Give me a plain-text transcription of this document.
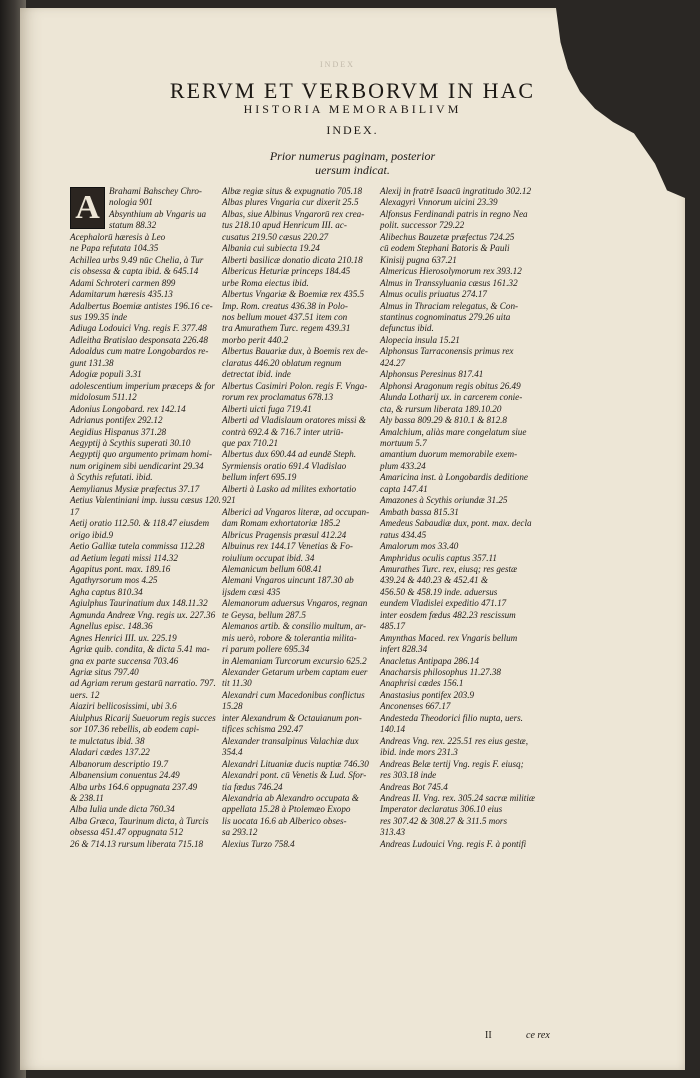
INDEX
RERVM ET VERBORVM IN HAC
HISTORIA MEMORABILIVM
INDEX.
Prior numerus paginam, posterior
uersum indicat.
A	Brahami Bahschey Chro-

nologia 901

Absynthium ab Vngaris ua

statum 88.32

Acephalorū hæresis à Leo

ne Papa refutata 104.35

Achillea urbs 9.49 nūc Chelia, à Tur

cis obsessa & capta ibid. & 645.14

Adami Schroteri carmen 899

Adamitarum hæresis 435.13

Adalbertus Boemiæ antistes 196.16 ce-

sus 199.35 inde

Adiuga Lodouici Vng. regis F. 377.48

Adleitha Bratislao desponsata 226.48

Adoaldus cum matre Longobardos re-

gunt 131.38

Adogiæ populi 3.31

adolescentium imperium præceps & for

midolosum 511.12

Adonius Longobard. rex 142.14

Adrianus pontifex 292.12

Aegidius Hispanus 371.28

Aegyptij à Scythis superati 30.10

Aegyptij quo argumento primam homi-

num originem sibi uendicarint 29.34

à Scythis refutati. ibid.

Aemylianus Mysiæ præfectus 37.17

Aetius Valentiniani imp. iussu cæsus 120.

17

Aetij oratio 112.50. & 118.47 eiusdem

origo ibid.9

Aetio Galliæ tutela commissa 112.28

ad Aetium legati missi 114.32

Agapitus pont. max. 189.16

Agathyrsorum mos 4.25

Agha captus 810.34

Agiulphus Taurinatium dux 148.11.32

Agmunda Andreæ Vng. regis ux. 227.36

Agnellus episc. 148.36

Agnes Henrici III. ux. 225.19

Agriæ quib. condita, & dicta 5.41 ma-

gna ex parte succensa 703.46

Agriæ situs 797.40

ad Agriam rerum gestarū narratio. 797.

uers. 12

Aiaziri bellicosissimi, ubi 3.6

Aiulphus Ricarij Sueuorum regis succes

sor 107.36 rebellis, ab eodem capi-

te mulctatus ibid. 38

Aladari cædes 137.22

Albanorum descriptio 19.7

Albanensium conuentus 24.49

Alba urbs 164.6 oppugnata 237.49

& 238.11

Alba Iulia unde dicta 760.34

Alba Græca, Taurinum dicta, à Turcis

obsessa 451.47 oppugnata 512

26 & 714.13 rursum liberata 715.18

Albæ regiæ situs & expugnatio 705.18

Albas plures Vngaria cur dixerit 25.5

Albas, siue Albinus Vngarorū rex crea-

tus 218.10 apud Henricum III. ac-

cusatus 219.50 cæsus 220.27

Albania cui subiecta 19.24

Alberti basilicæ donatio dicata 210.18

Albericus Heturiæ princeps 184.45

urbe Roma eiectus ibid.

Albertus Vngariæ & Boemiæ rex 435.5

Imp. Rom. creatus 436.38 in Polo-

nos bellum mouet 437.51 item con

tra Amurathem Turc. regem 439.31

morbo perit 440.2

Albertus Bauariæ dux, à Boemis rex de-

claratus 446.20 oblatum regnum

detrectat ibid. inde

Albertus Casimiri Polon. regis F. Vnga-

rorum rex proclamatus 678.13

Alberti uicti fuga 719.41

Alberti ad Vladislaum oratores missi &

contrà 692.4 & 716.7 inter utriū-

que pax 710.21

Albertus dux 690.44 ad eundē Steph.

Syrmiensis oratio 691.4 Vladislao

bellum infert 695.19

Alberti à Lasko ad milites exhortatio

921

Alberici ad Vngaros literæ, ad occupan-

dam Romam exhortatoriæ 185.2

Albricus Pragensis præsul 412.24

Albuinus rex 144.17 Venetias & Fo-

roiulium occupat ibid. 34

Alemanicum bellum 608.41

Alemani Vngaros uincunt 187.30 ab

ijsdem cæsi 435

Alemanorum aduersus Vngaros, regnan

te Geysa, bellum 287.5

Alemanos artib. & consilio multum, ar-

mis uerò, robore & tolerantia milita-

ri parum pollere 695.34

in Alemaniam Turcorum excursio 625.2

Alexander Getarum urbem captam euer

tit 11.30

Alexandri cum Macedonibus conflictus

15.28

inter Alexandrum & Octauianum pon-

tifices schisma 292.47

Alexander transalpinus Valachiæ dux

354.4

Alexandri Lituaniæ ducis nuptiæ 746.30

Alexandri pont. cū Venetis & Lud. Sfor-

tia fœdus 746.24

Alexandria ab Alexandro occupata &

appellata 15.28 à Ptolemæo Exopo

lis uocata 16.6 ab Alberico obses-

sa 293.12

Alexius Turzo 758.4

Alexij in fratrē Isaacū ingratitudo 302.12

Alexagyri Vnnorum uicini 23.39

Alfonsus Ferdinandi patris in regno Nea

polit. successor 729.22

Alibechus Bauzetæ præfectus 724.25

cū eodem Stephani Batoris & Pauli

Kinisij pugna 637.21

Almericus Hierosolymorum rex 393.12

Almus in Transsyluania cæsus 161.32

Almus oculis priuatus 274.17

Almus in Thraciam relegatus, & Con-

stantinus cognominatus 279.26 uita

defunctus ibid.

Alopecia insula 15.21

Alphonsus Tarraconensis primus rex

424.27

Alphonsus Peresinus 817.41

Alphonsi Aragonum regis obitus 26.49

Alunda Lotharij ux. in carcerem conie-

cta, & rursum liberata 189.10.20

Aly bassa 809.29 & 810.1 & 812.8

Amalchium, aliàs mare congelatum siue

mortuum 5.7

amantium duorum memorabile exem-

plum 433.24

Amaricina inst. à Longobardis deditione

capta 147.41

Amazones à Scythis oriundæ 31.25

Ambath bassa 815.31

Amedeus Sabaudiæ dux, pont. max. decla

ratus 434.45

Amalorum mos 33.40

Amphridus oculis captus 357.11

Amurathes Turc. rex, eiusq; res gestæ

439.24 & 440.23 & 452.41 &

456.50 & 458.19 inde. aduersus

eundem Vladislei expeditio 471.17

inter eosdem fœdus 482.23 rescissum

485.17

Amynthas Maced. rex Vngaris bellum

infert 828.34

Anacletus Antipapa 286.14

Anacharsis philosophus 11.27.38

Anaphrisi cædes 156.1

Anastasius pontifex 203.9

Anconenses 667.17

Andesteda Theodorici filio nupta, uers.

140.14

Andreas Vng. rex. 225.51 res eius gestæ,

ibid. inde mors 231.3

Andreas Belæ tertij Vng. regis F. eiusq;

res 303.18 inde

Andreas Bot 745.4

Andreas II. Vng. rex. 305.24 sacræ militiæ

Imperator declaratus 306.10 eius

res 307.42 & 308.27 & 311.5 mors

313.43

Andreas Ludouici Vng. regis F. à pontifi

II	ce rex
